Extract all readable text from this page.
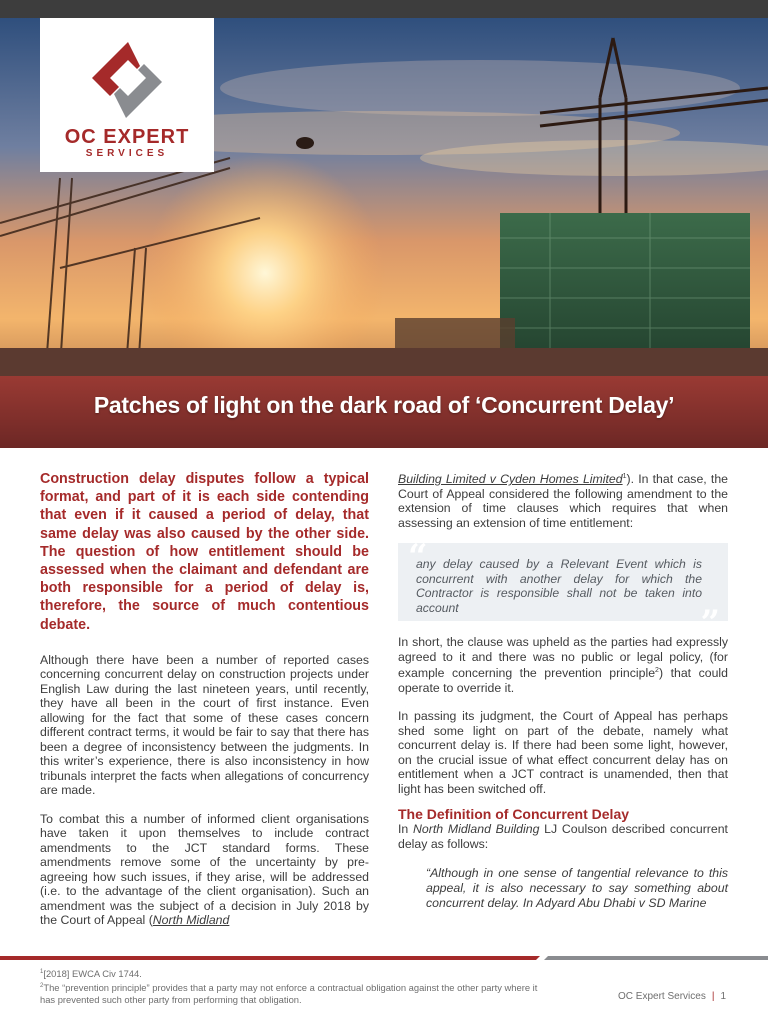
OC EXPERT
SERVICES
Patches of light on the dark road of ‘Concurrent Delay’

Construction delay disputes follow a typical format, and part of it is each side contending that even if it caused a period of delay, that same delay was also caused by the other side. The question of how entitlement should be assessed when the claimant and defendant are both responsible for a period of delay is, therefore, the source of much contentious debate.

Although there have been a number of reported cases concerning concurrent delay on construction projects under English Law during the last nineteen years, until recently, they have all been in the court of first instance. Even allowing for the fact that some of these cases concern different contract terms, it would be fair to say that there has been a degree of inconsistency between the judgments. In this writer’s experience, there is also inconsistency in how tribunals interpret the facts when allegations of concurrency are made.

To combat this a number of informed client organisations have taken it upon themselves to include contract amendments to the JCT standard forms. These amendments remove some of the uncertainty by pre-agreeing how such issues, if they arise, will be addressed (i.e. to the advantage of the client organisation). Such an amendment was the subject of a decision in July 2018 by the Court of Appeal (North Midland

Building Limited v Cyden Homes Limited$^1$). In that case, the Court of Appeal considered the following amendment to the extension of time clauses which requires that when assessing an extension of time entitlement:

“

any delay caused by a Relevant Event which is concurrent with another delay for which the Contractor is responsible shall not be taken into account	”

In short, the clause was upheld as the parties had expressly agreed to it and there was no public or legal policy, (for example concerning the prevention principle$^2$) that could operate to override it.

In passing its judgment, the Court of Appeal has perhaps shed some light on part of the debate, namely what concurrent delay is. If there had been some light, however, on the crucial issue of what effect concurrent delay has on entitlement when a JCT contract is unamended, then that light has been switched off.

The Definition of Concurrent Delay

In North Midland Building LJ Coulson described concurrent delay as follows:

“Although in one sense of tangential relevance to this appeal, it is also necessary to say something about concurrent delay. In Adyard Abu Dhabi v SD Marine

$^1$[2018] EWCA Civ 1744.
$^2$The “prevention principle” provides that a party may not enforce a contractual obligation against the other party where it has prevented such other party from performing that obligation.	OC Expert Services | 1
